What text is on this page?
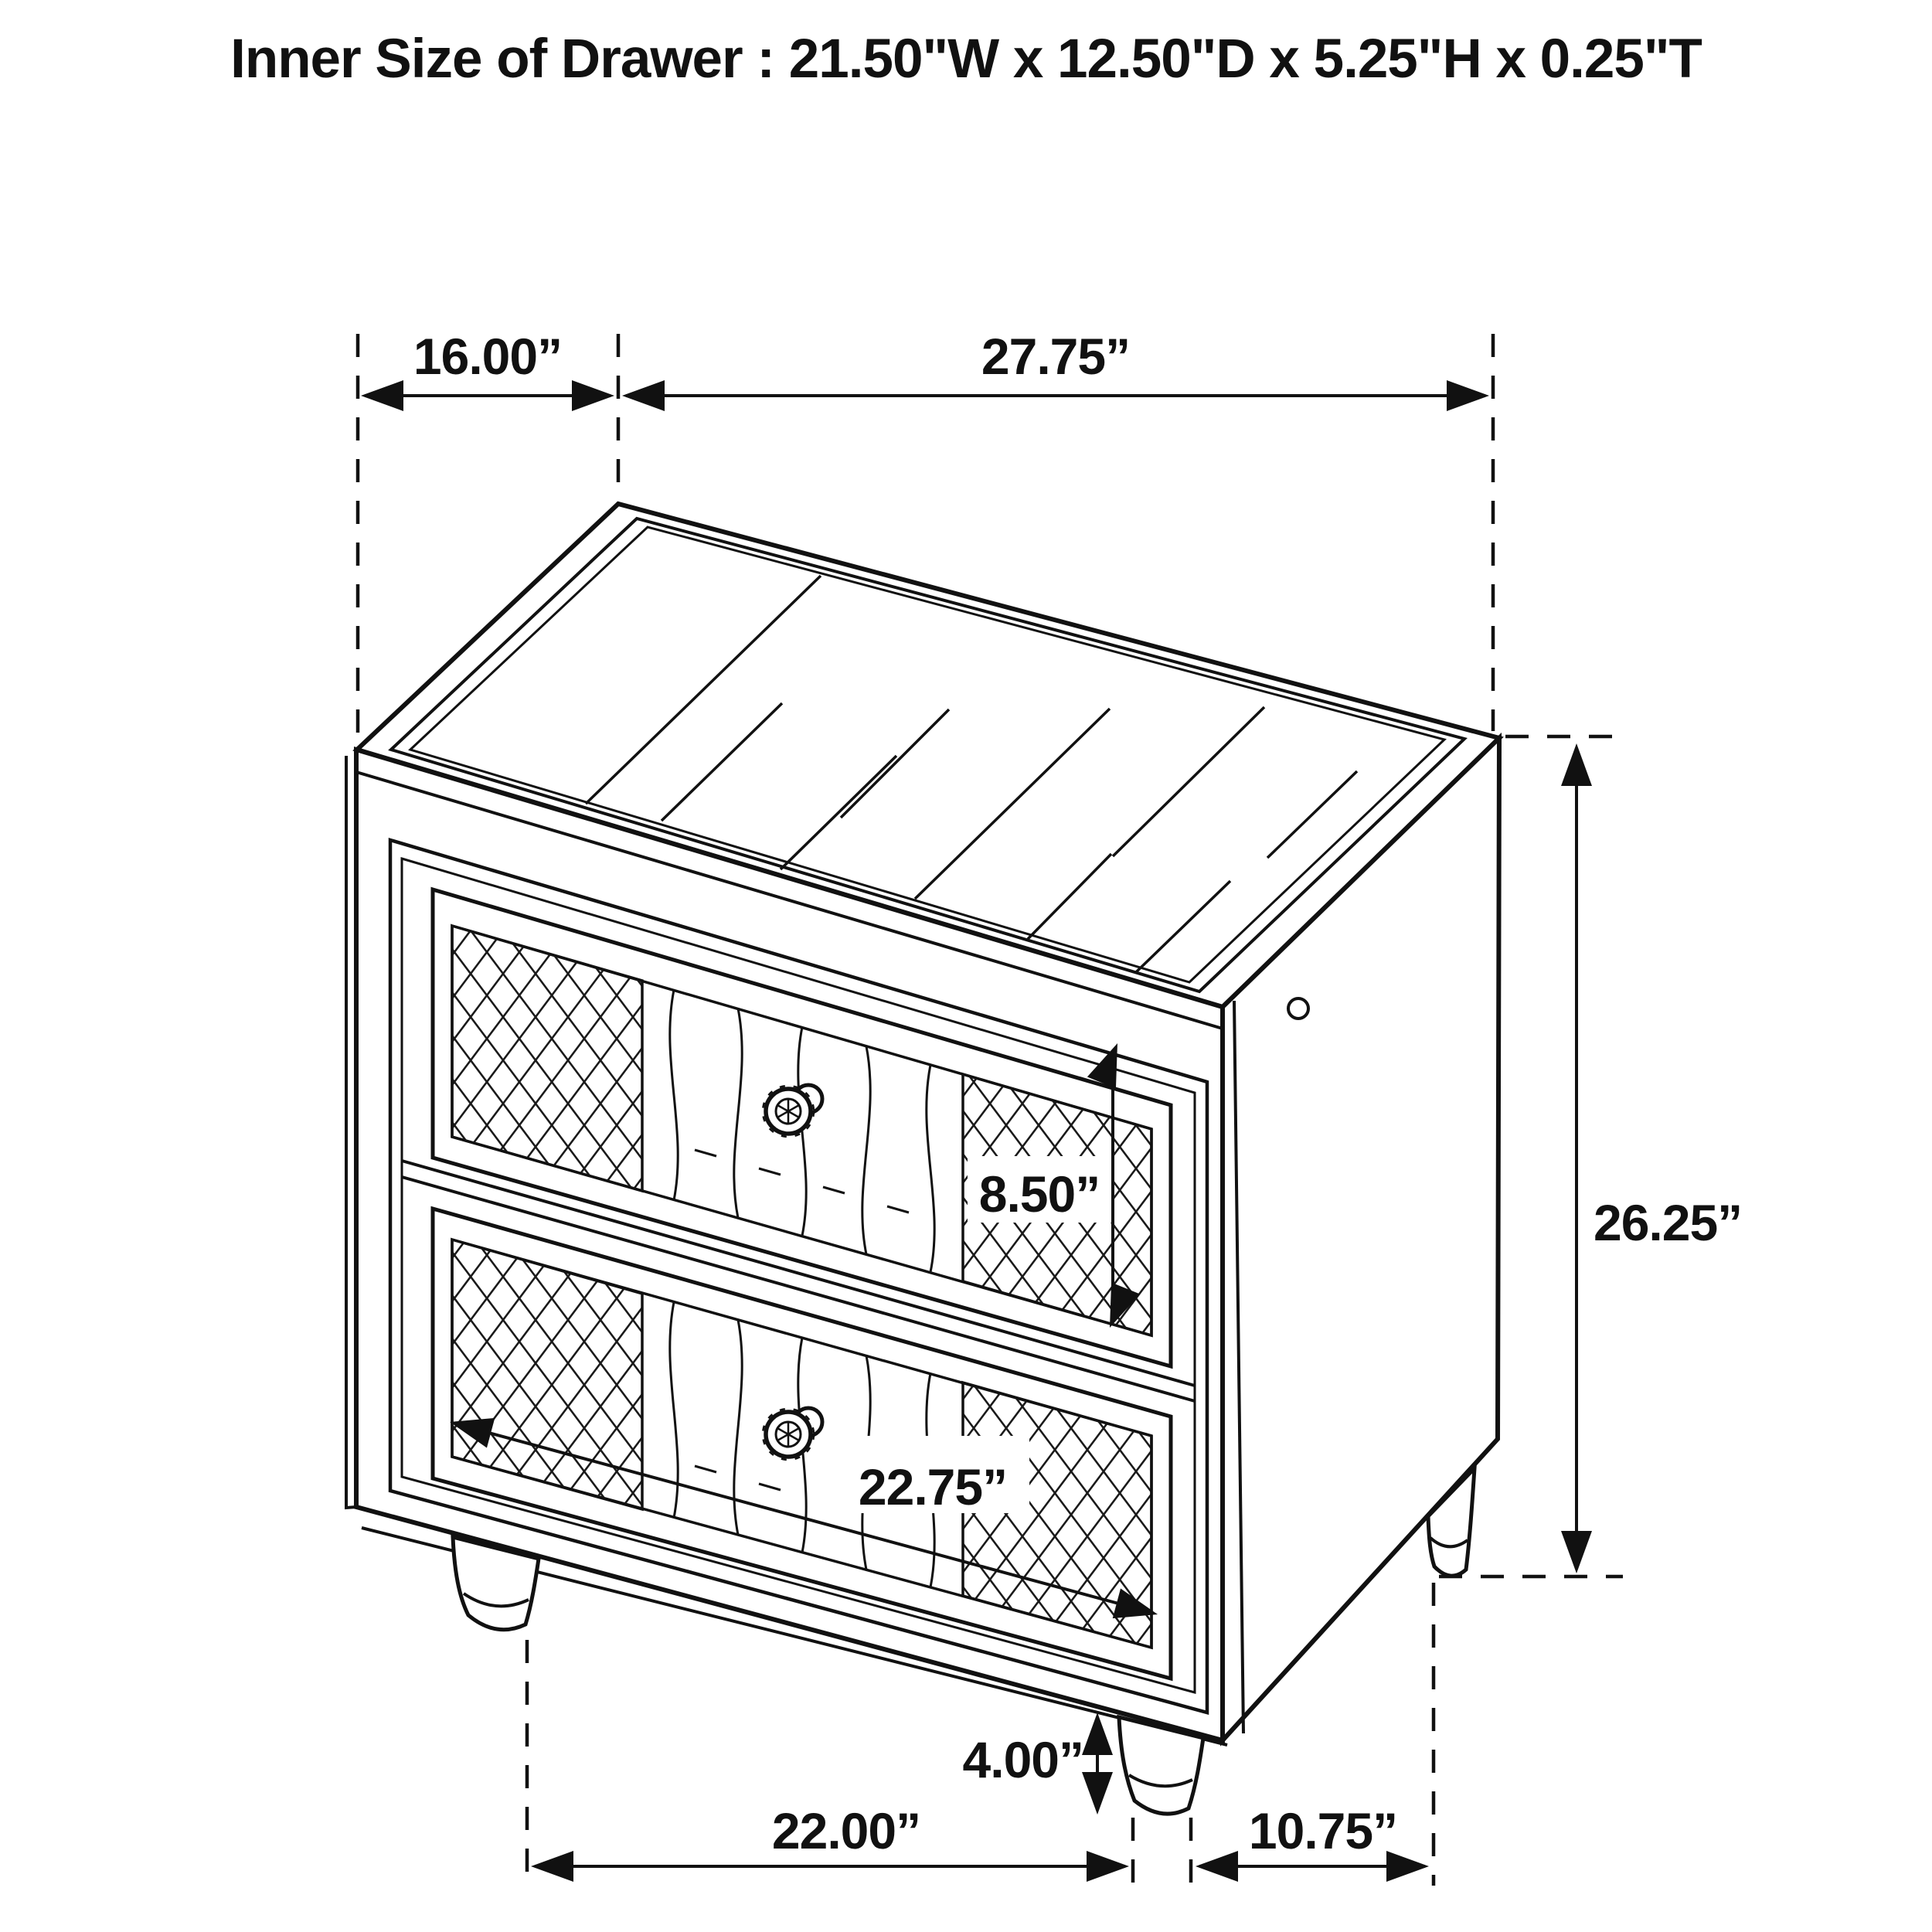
Inner Size of Drawer : 21.50"W x 12.50"D x 5.25"H x 0.25"T
16.00”	27.75”
26.25”
8.50”
22.75”
4.00”
22.00”	10.75”
